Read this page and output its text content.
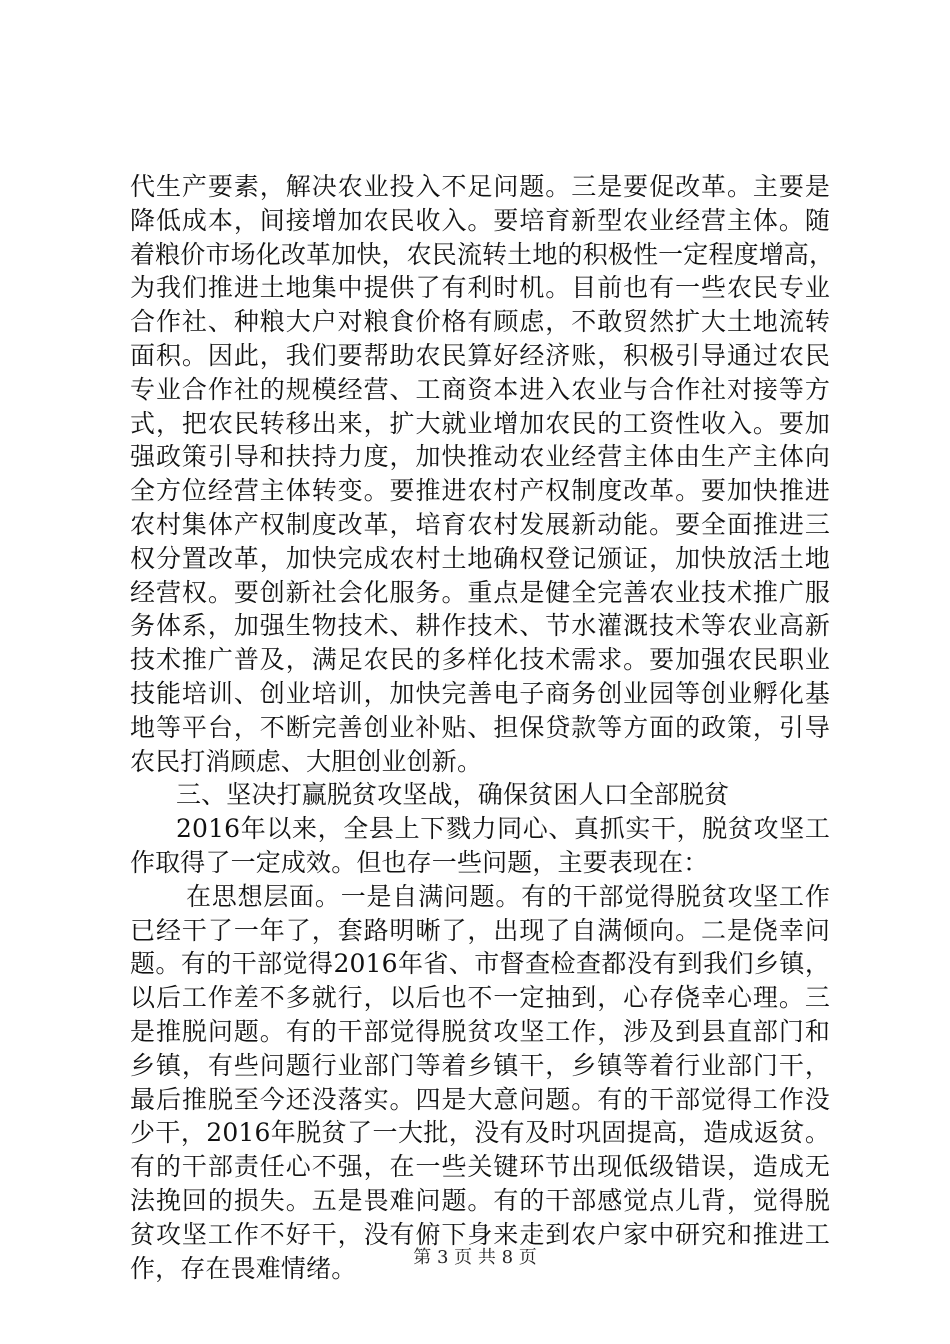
代生产要素，解决农业投入不足问题。三是要促改革。主要是
降低成本，间接增加农民收入。要培育新型农业经营主体。随
着粮价市场化改革加快，农民流转土地的积极性一定程度增高，
为我们推进土地集中提供了有利时机。目前也有一些农民专业
合作社、种粮大户对粮食价格有顾虑，不敢贸然扩大土地流转
面积。因此，我们要帮助农民算好经济账，积极引导通过农民
专业合作社的规模经营、工商资本进入农业与合作社对接等方
式，把农民转移出来，扩大就业增加农民的工资性收入。要加
强政策引导和扶持力度，加快推动农业经营主体由生产主体向
全方位经营主体转变。要推进农村产权制度改革。要加快推进
农村集体产权制度改革，培育农村发展新动能。要全面推进三
权分置改革，加快完成农村土地确权登记颁证，加快放活土地
经营权。要创新社会化服务。重点是健全完善农业技术推广服
务体系，加强生物技术、耕作技术、节水灌溉技术等农业高新
技术推广普及，满足农民的多样化技术需求。要加强农民职业
技能培训、创业培训，加快完善电子商务创业园等创业孵化基
地等平台，不断完善创业补贴、担保贷款等方面的政策，引导
农民打消顾虑、大胆创业创新。
三、坚决打赢脱贫攻坚战，确保贫困人口全部脱贫
2016年以来，全县上下戮力同心、真抓实干，脱贫攻坚工
作取得了一定成效。但也存一些问题，主要表现在：
在思想层面。一是自满问题。有的干部觉得脱贫攻坚工作
已经干了一年了，套路明晰了，出现了自满倾向。二是侥幸问
题。有的干部觉得2016年省、市督查检查都没有到我们乡镇，
以后工作差不多就行，以后也不一定抽到，心存侥幸心理。三
是推脱问题。有的干部觉得脱贫攻坚工作，涉及到县直部门和
乡镇，有些问题行业部门等着乡镇干，乡镇等着行业部门干，
最后推脱至今还没落实。四是大意问题。有的干部觉得工作没
少干，2016年脱贫了一大批，没有及时巩固提高，造成返贫。
有的干部责任心不强，在一些关键环节出现低级错误，造成无
法挽回的损失。五是畏难问题。有的干部感觉点儿背，觉得脱
贫攻坚工作不好干，没有俯下身来走到农户家中研究和推进工
作，存在畏难情绪。	第 3 页 共 8 页
